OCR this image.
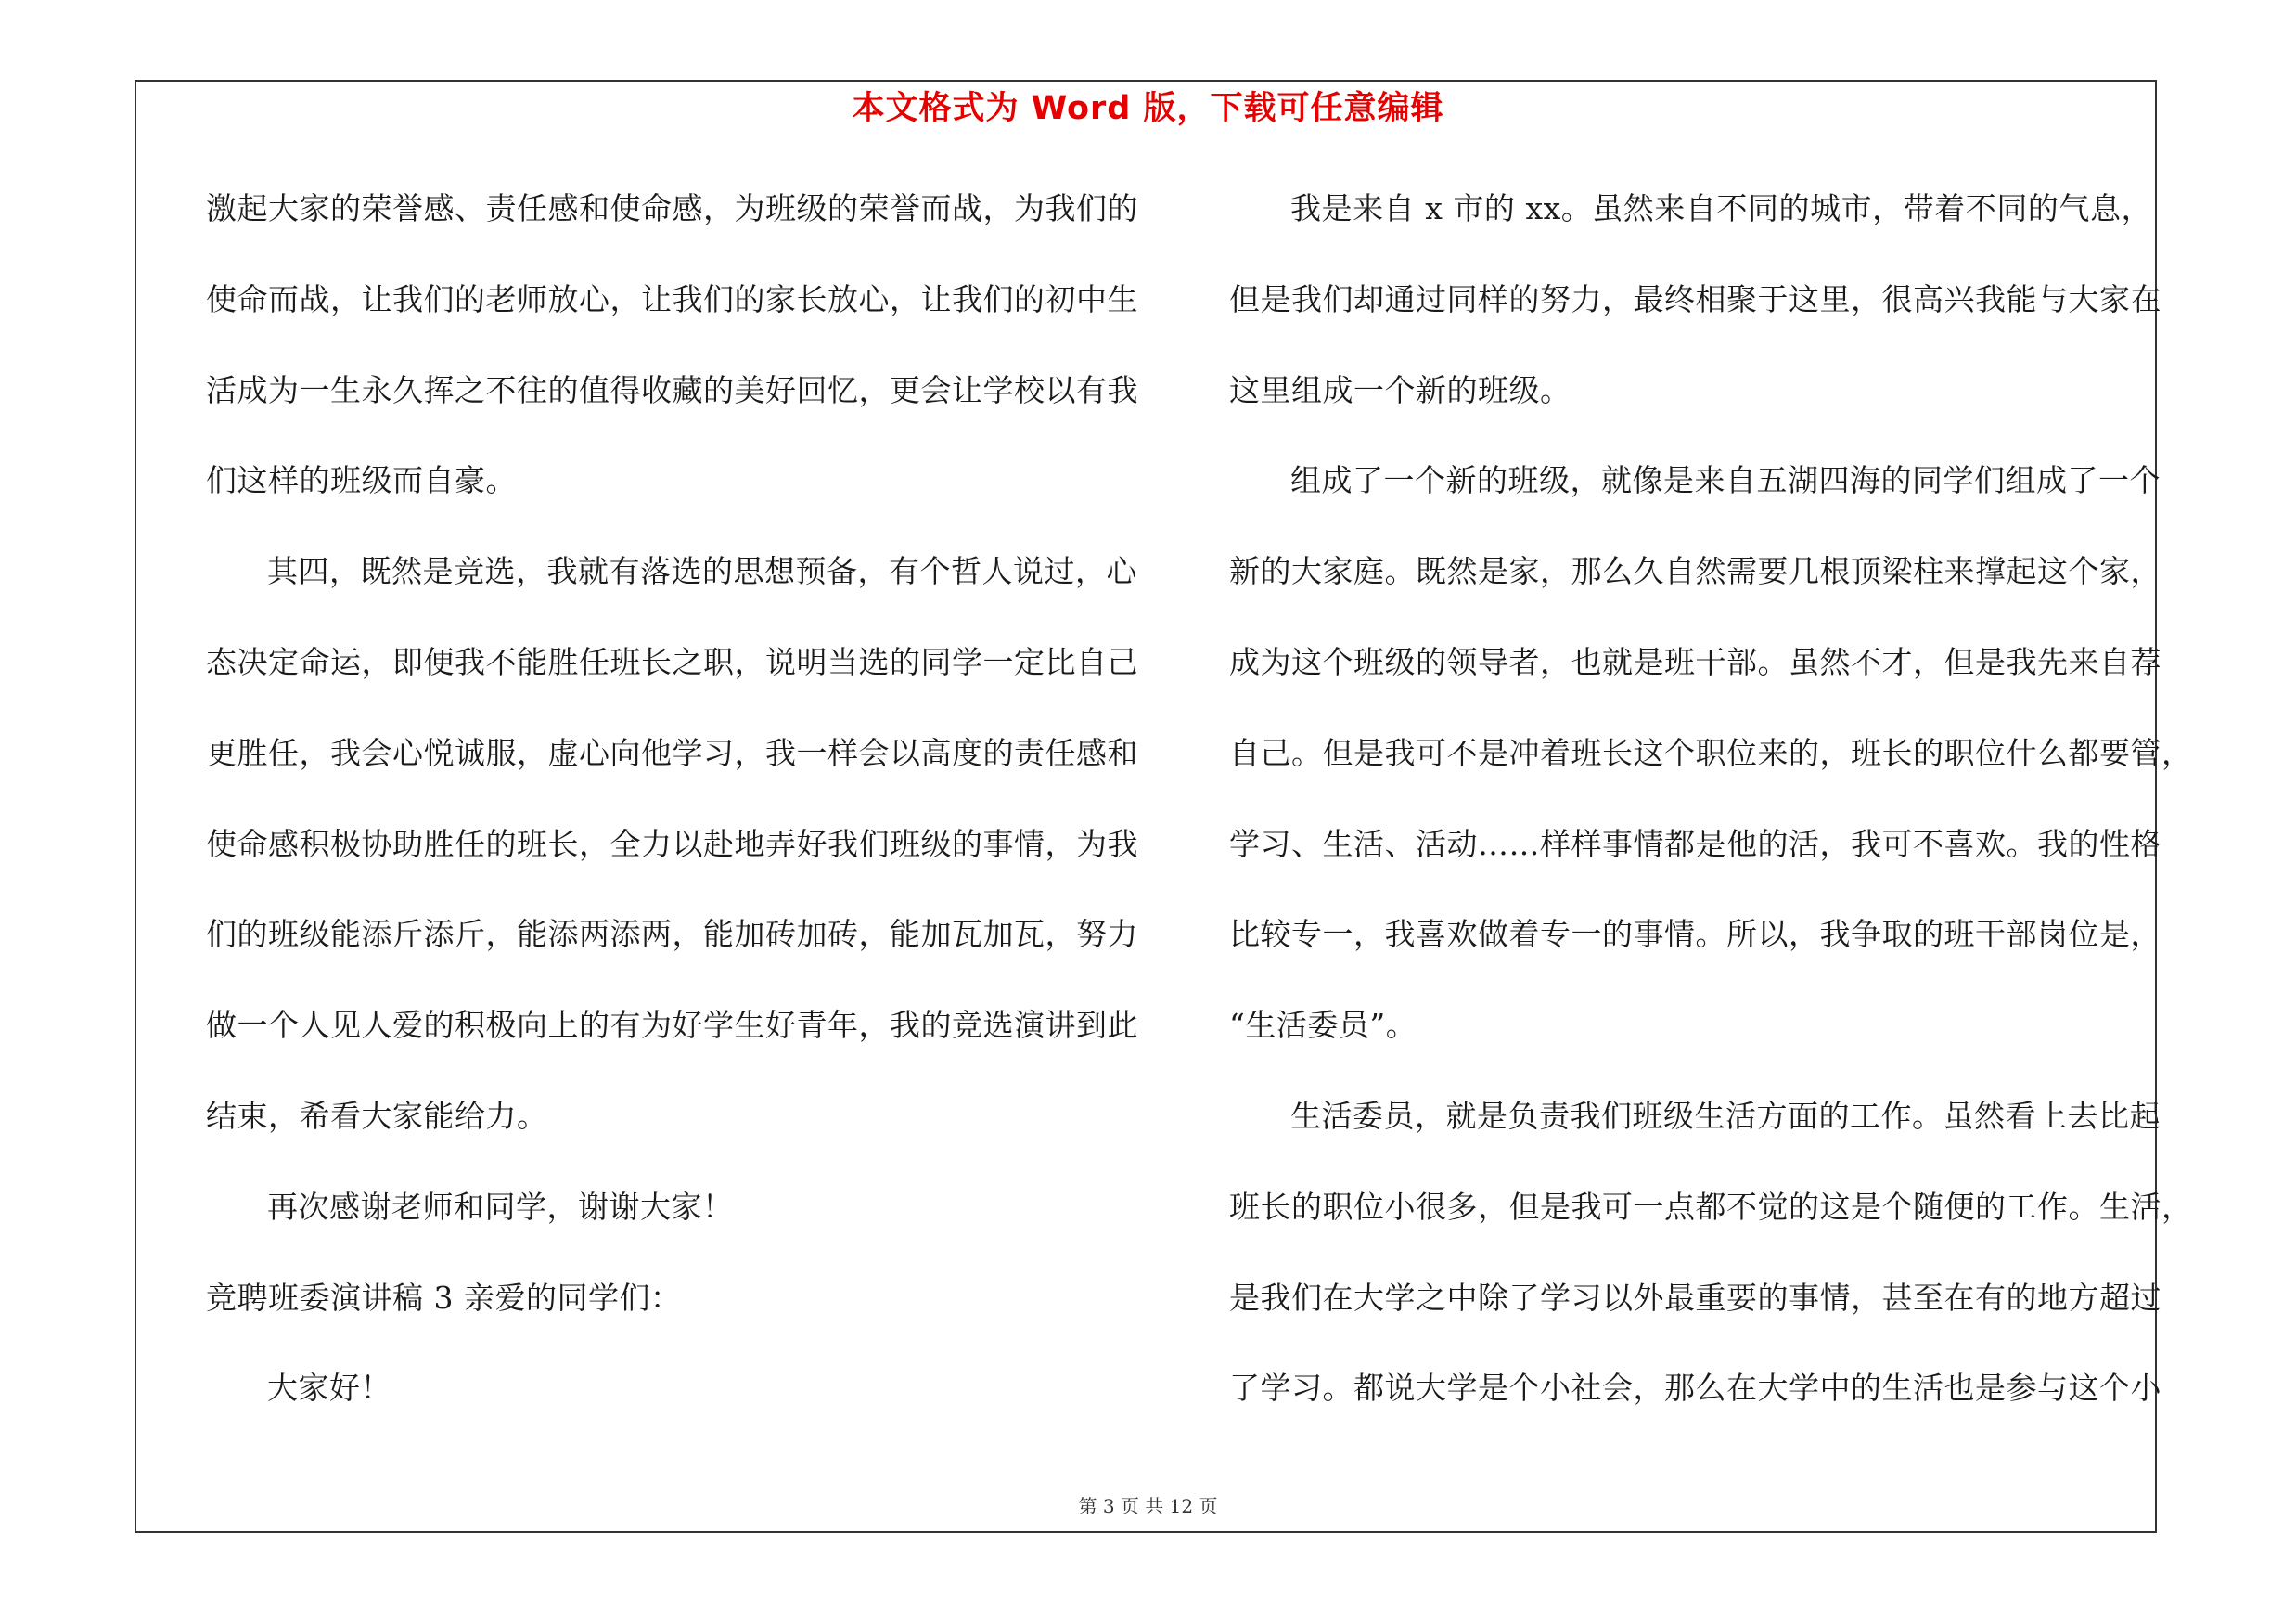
本文格式为 Word 版，下载可任意编辑
激起大家的荣誉感、责任感和使命感，为班级的荣誉而战，为我们的
使命而战，让我们的老师放心，让我们的家长放心，让我们的初中生
活成为一生永久挥之不往的值得收藏的美好回忆，更会让学校以有我
们这样的班级而自豪。
其四，既然是竞选，我就有落选的思想预备，有个哲人说过，心
态决定命运，即便我不能胜任班长之职，说明当选的同学一定比自己
更胜任，我会心悦诚服，虚心向他学习，我一样会以高度的责任感和
使命感积极协助胜任的班长，全力以赴地弄好我们班级的事情，为我
们的班级能添斤添斤，能添两添两，能加砖加砖，能加瓦加瓦，努力
做一个人见人爱的积极向上的有为好学生好青年，我的竞选演讲到此
结束，希看大家能给力。
再次感谢老师和同学，谢谢大家！
竞聘班委演讲稿 3 亲爱的同学们：
大家好！
我是来自 x 市的 xx。虽然来自不同的城市，带着不同的气息，
但是我们却通过同样的努力，最终相聚于这里，很高兴我能与大家在
这里组成一个新的班级。
组成了一个新的班级，就像是来自五湖四海的同学们组成了一个
新的大家庭。既然是家，那么久自然需要几根顶梁柱来撑起这个家，
成为这个班级的领导者，也就是班干部。虽然不才，但是我先来自荐
自己。但是我可不是冲着班长这个职位来的，班长的职位什么都要管，
学习、生活、活动……样样事情都是他的活，我可不喜欢。我的性格
比较专一，我喜欢做着专一的事情。所以，我争取的班干部岗位是，
“生活委员”。
生活委员，就是负责我们班级生活方面的工作。虽然看上去比起
班长的职位小很多，但是我可一点都不觉的这是个随便的工作。生活，
是我们在大学之中除了学习以外最重要的事情，甚至在有的地方超过
了学习。都说大学是个小社会，那么在大学中的生活也是参与这个小
第 3 页 共 12 页
